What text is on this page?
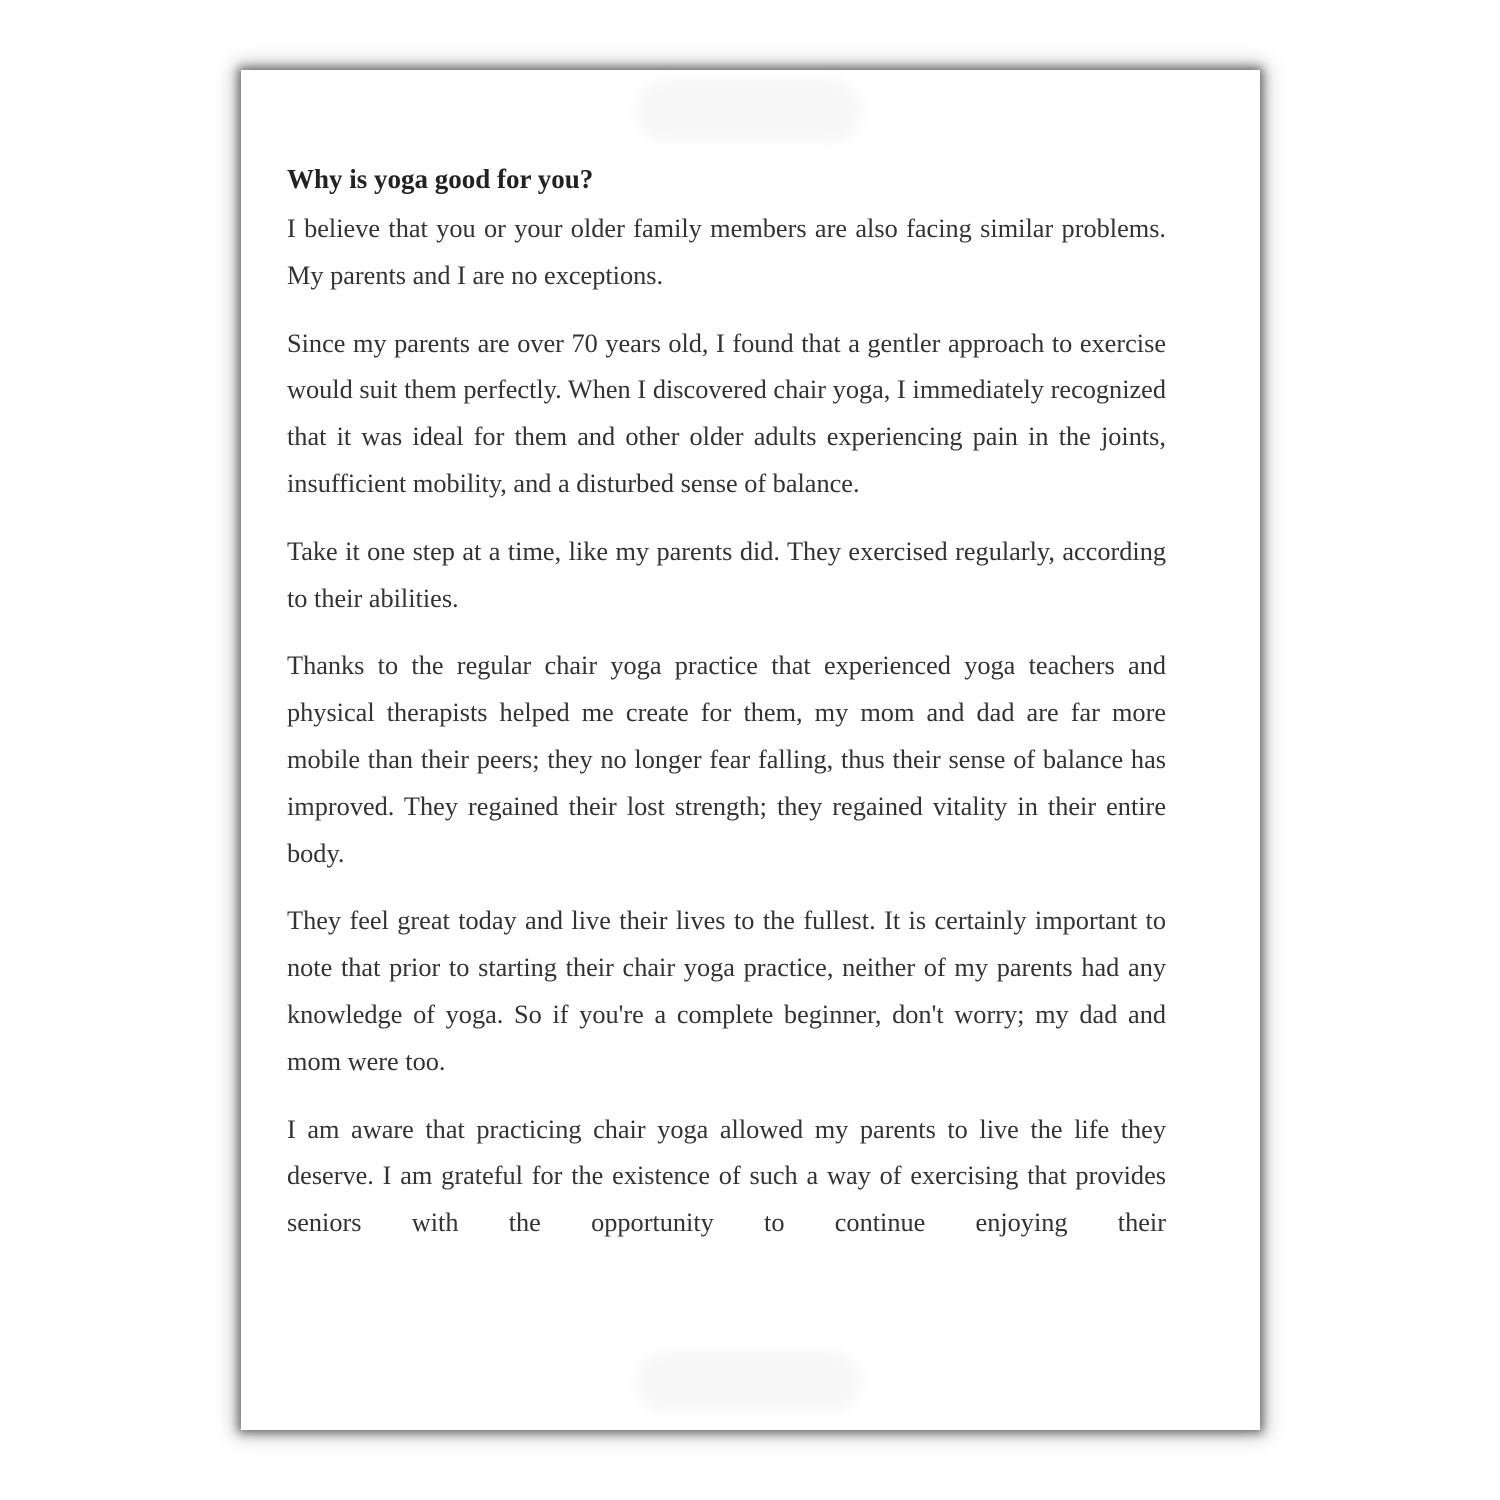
Why is yoga good for you?

I believe that you or your older family members are also facing similar problems. My parents and I are no exceptions.

Since my parents are over 70 years old, I found that a gentler approach to exercise would suit them perfectly. When I discovered chair yoga, I immediately recognized that it was ideal for them and other older adults experiencing pain in the joints, insufficient mobility, and a disturbed sense of balance.

Take it one step at a time, like my parents did. They exercised regularly, according to their abilities.

Thanks to the regular chair yoga practice that experienced yoga teachers and physical therapists helped me create for them, my mom and dad are far more mobile than their peers; they no longer fear falling, thus their sense of balance has improved. They regained their lost strength; they regained vitality in their entire body.

They feel great today and live their lives to the fullest. It is certainly important to note that prior to starting their chair yoga practice, neither of my parents had any knowledge of yoga. So if you're a complete beginner, don't worry; my dad and mom were too.

I am aware that practicing chair yoga allowed my parents to live the life they deserve. I am grateful for the existence of such a way of exercising that provides seniors with the opportunity to continue enjoying their
